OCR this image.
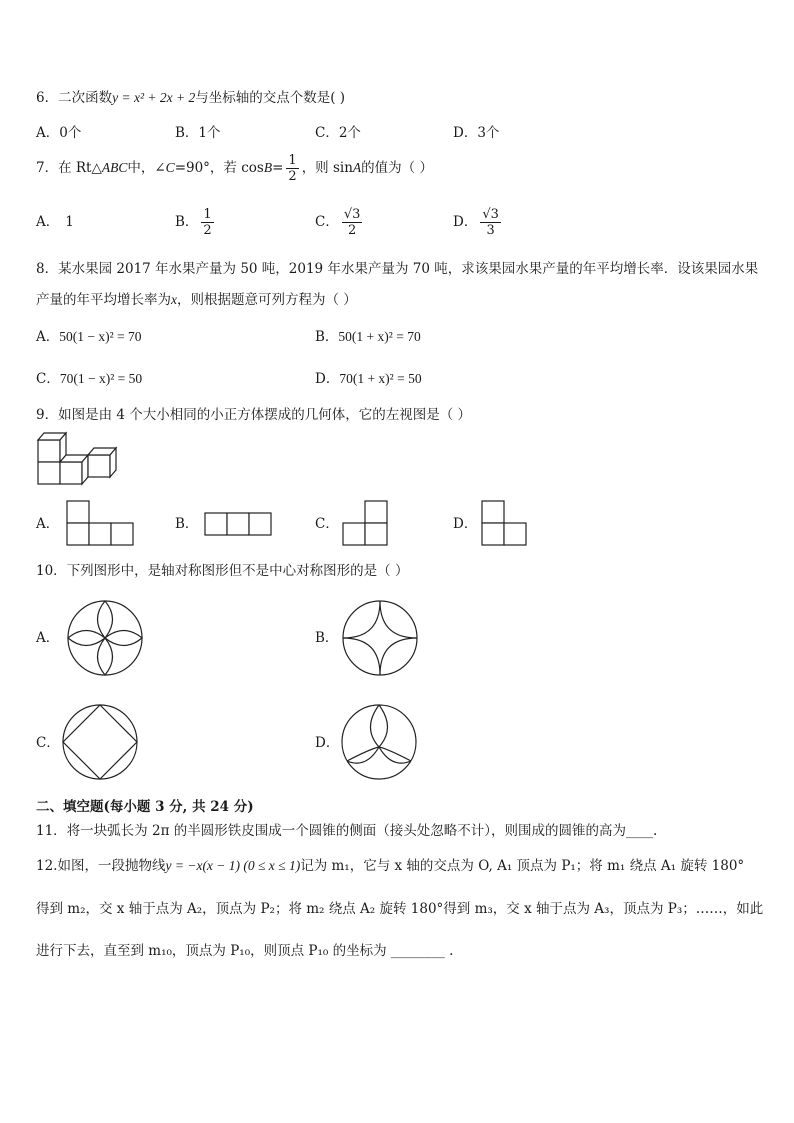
6．二次函数y = x² + 2x + 2与坐标轴的交点个数是( )
A．0个	B．1个	C．2个	D．3个
7．在 Rt△ABC中，∠C=90°，若 $\cos B= \frac{1}{2}$ ，则 sinA的值为（ ）
A． 1	B． $\frac{1}{2}$	C． $\frac{√3}{2}$	D． $\frac{√3}{3}$
8．某水果园 2017 年水果产量为 50 吨，2019 年水果产量为 70 吨，求该果园水果产量的年平均增长率．设该果园水果
产量的年平均增长率为x，则根据题意可列方程为（ ）
A．50(1 − x)² = 70	B．50(1 + x)² = 70
C．70(1 − x)² = 50	D．70(1 + x)² = 50
9．如图是由 4 个大小相同的小正方体摆成的几何体，它的左视图是（ ）
A．	B．	C．	D．
10．下列图形中，是轴对称图形但不是中心对称图形的是（ ）
A．	B．
C．	D．
二、填空题(每小题 3 分, 共 24 分)
11．将一块弧长为 2π 的半圆形铁皮围成一个圆锥的侧面（接头处忽略不计），则围成的圆锥的高为____.
12.如图，一段抛物线y = −x(x − 1) (0 ≤ x ≤ 1)记为 m₁，它与 x 轴的交点为 O, A₁ 顶点为 P₁；将 m₁ 绕点 A₁ 旋转 180°
得到 m₂，交 x 轴于点为 A₂，顶点为 P₂；将 m₂ 绕点 A₂ 旋转 180°得到 m₃，交 x 轴于点为 A₃，顶点为 P₃；……，如此
进行下去，直至到 m₁₀，顶点为 P₁₀，则顶点 P₁₀ 的坐标为 ________ .
